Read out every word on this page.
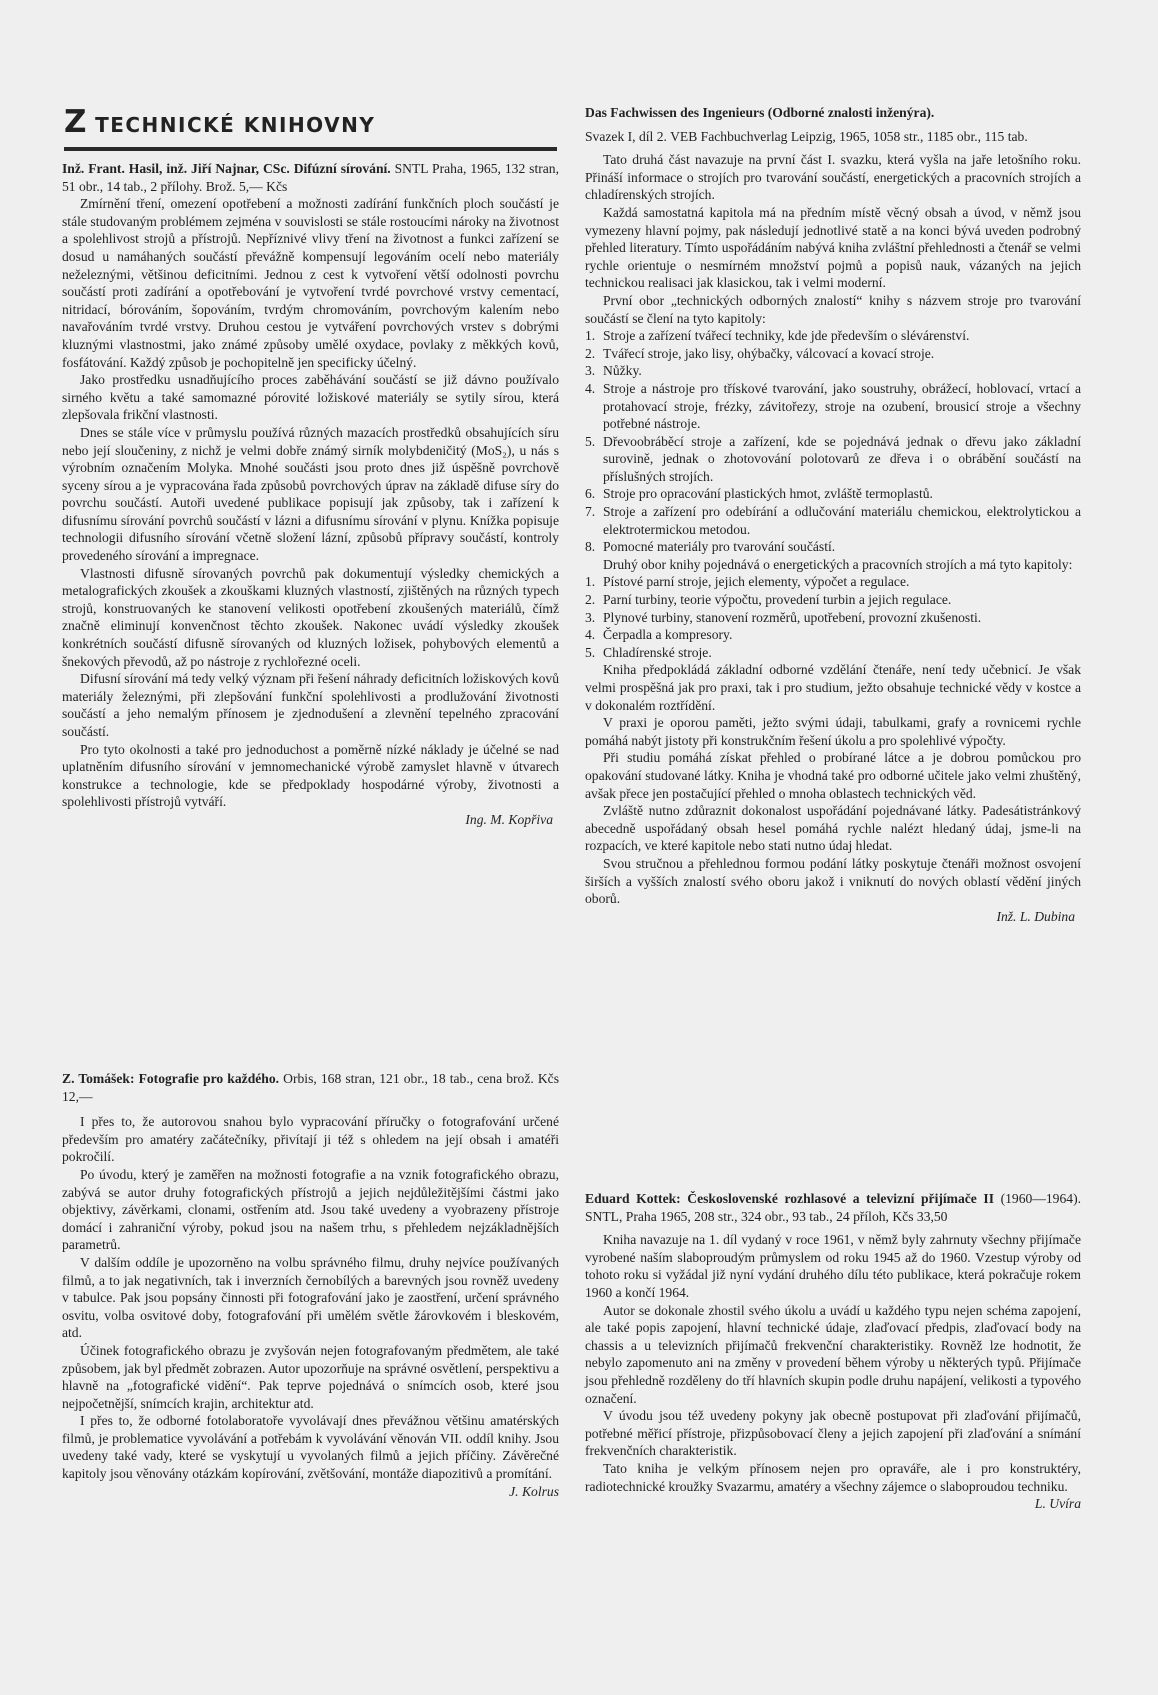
Z TECHNICKÉ KNIHOVNY

Inž. Frant. Hasil, inž. Jiří Najnar, CSc. Difúzní sírování. SNTL Praha, 1965, 132 stran, 51 obr., 14 tab., 2 přílohy. Brož. 5,— Kčs

Zmírnění tření, omezení opotřebení a možnosti zadírání funkčních ploch součástí je stále studovaným problémem zejména v souvislosti se stále rostoucími nároky na životnost a spolehlivost strojů a přístrojů. Nepříznivé vlivy tření na životnost a funkci zařízení se dosud u namáhaných součástí převážně kompensují legováním ocelí nebo materiály neželeznými, většinou deficitními. Jednou z cest k vytvoření větší odolnosti povrchu součástí proti zadírání a opotřebování je vytvoření tvrdé povrchové vrstvy cementací, nitridací, bórováním, šopováním, tvrdým chromováním, povrchovým kalením nebo navařováním tvrdé vrstvy. Druhou cestou je vytváření povrchových vrstev s dobrými kluznými vlastnostmi, jako známé způsoby umělé oxydace, povlaky z měkkých kovů, fosfátování. Každý způsob je pochopitelně jen specificky účelný.

Jako prostředku usnadňujícího proces zaběhávání součástí se již dávno používalo sirného květu a také samomazné pórovité ložiskové materiály se sytily sírou, která zlepšovala frikční vlastnosti.

Dnes se stále více v průmyslu používá různých mazacích prostředků obsahujících síru nebo její sloučeniny, z nichž je velmi dobře známý sirník molybdeničitý (MoS₂), u nás s výrobním označením Molyka. Mnohé součásti jsou proto dnes již úspěšně povrchově syceny sírou a je vypracována řada způsobů povrchových úprav na základě difuse síry do povrchu součástí. Autoři uvedené publikace popisují jak způsoby, tak i zařízení k difusnímu sírování povrchů součástí v lázni a difusnímu sírování v plynu. Knížka popisuje technologii difusního sírování včetně složení lázní, způsobů přípravy součástí, kontroly provedeného sírování a impregnace.

Vlastnosti difusně sírovaných povrchů pak dokumentují výsledky chemických a metalografických zkoušek a zkouškami kluzných vlastností, zjištěných na různých typech strojů, konstruovaných ke stanovení velikosti opotřebení zkoušených materiálů, čímž značně eliminují konvenčnost těchto zkoušek. Nakonec uvádí výsledky zkoušek konkrétních součástí difusně sírovaných od kluzných ložisek, pohybových elementů a šnekových převodů, až po nástroje z rychlořezné oceli.

Difusní sírování má tedy velký význam při řešení náhrady deficitních ložiskových kovů materiály železnými, při zlepšování funkční spolehlivosti a prodlužování životnosti součástí a jeho nemalým přínosem je zjednodušení a zlevnění tepelného zpracování součástí.

Pro tyto okolnosti a také pro jednoduchost a poměrně nízké náklady je účelné se nad uplatněním difusního sírování v jemnomechanické výrobě zamyslet hlavně v útvarech konstrukce a technologie, kde se předpoklady hospodárné výroby, životnosti a spolehlivosti přístrojů vytváří.

Ing. M. Kopřiva

Z. Tomášek: Fotografie pro každého. Orbis, 168 stran, 121 obr., 18 tab., cena brož. Kčs 12,—

I přes to, že autorovou snahou bylo vypracování příručky o fotografování určené především pro amatéry začátečníky, přivítají ji též s ohledem na její obsah i amatéři pokročilí.

Po úvodu, který je zaměřen na možnosti fotografie a na vznik fotografického obrazu, zabývá se autor druhy fotografických přístrojů a jejich nejdůležitějšími částmi jako objektivy, závěrkami, clonami, ostřením atd. Jsou také uvedeny a vyobrazeny přístroje domácí i zahraniční výroby, pokud jsou na našem trhu, s přehledem nejzákladnějších parametrů.

V dalším oddíle je upozorněno na volbu správného filmu, druhy nejvíce používaných filmů, a to jak negativních, tak i inverzních černobílých a barevných jsou rovněž uvedeny v tabulce. Pak jsou popsány činnosti při fotografování jako je zaostření, určení správného osvitu, volba osvitové doby, fotografování při umělém světle žárovkovém i bleskovém, atd.

Účinek fotografického obrazu je zvyšován nejen fotografovaným předmětem, ale také způsobem, jak byl předmět zobrazen. Autor upozorňuje na správné osvětlení, perspektivu a hlavně na „fotografické vidění“. Pak teprve pojednává o snímcích osob, které jsou nejpočetnější, snímcích krajin, architektur atd.

I přes to, že odborné fotolaboratoře vyvolávají dnes převážnou většinu amatérských filmů, je problematice vyvolávání a potřebám k vyvolávání věnován VII. oddíl knihy. Jsou uvedeny také vady, které se vyskytují u vyvolaných filmů a jejich příčiny. Závěrečné kapitoly jsou věnovány otázkám kopírování, zvětšování, montáže diapozitivů a promítání.
J. Kolrus

Das Fachwissen des Ingenieurs (Odborné znalosti inženýra).

Svazek I, díl 2. VEB Fachbuchverlag Leipzig, 1965, 1058 str., 1185 obr., 115 tab.

Tato druhá část navazuje na první část I. svazku, která vyšla na jaře letošního roku. Přináší informace o strojích pro tvarování součástí, energetických a pracovních strojích a chladírenských strojích.

Každá samostatná kapitola má na předním místě věcný obsah a úvod, v němž jsou vymezeny hlavní pojmy, pak následují jednotlivé statě a na konci bývá uveden podrobný přehled literatury. Tímto uspořádáním nabývá kniha zvláštní přehlednosti a čtenář se velmi rychle orientuje o nesmírném množství pojmů a popisů nauk, vázaných na jejich technickou realisaci jak klasickou, tak i velmi moderní.

První obor „technických odborných znalostí“ knihy s názvem stroje pro tvarování součástí se člení na tyto kapitoly:

1. Stroje a zařízení tvářecí techniky, kde jde především o slévárenství.
2. Tvářecí stroje, jako lisy, ohýbačky, válcovací a kovací stroje.
3. Nůžky.
4. Stroje a nástroje pro třískové tvarování, jako soustruhy, obrážecí, hoblovací, vrtací a protahovací stroje, frézky, závitořezy, stroje na ozubení, brousicí stroje a všechny potřebné nástroje.
5. Dřevoobráběcí stroje a zařízení, kde se pojednává jednak o dřevu jako základní surovině, jednak o zhotovování polotovarů ze dřeva i o obrábění součástí na příslušných strojích.
6. Stroje pro opracování plastických hmot, zvláště termoplastů.
7. Stroje a zařízení pro odebírání a odlučování materiálu chemickou, elektrolytickou a elektrotermickou metodou.
8. Pomocné materiály pro tvarování součástí.

Druhý obor knihy pojednává o energetických a pracovních strojích a má tyto kapitoly:

1. Pístové parní stroje, jejich elementy, výpočet a regulace.
2. Parní turbiny, teorie výpočtu, provedení turbin a jejich regulace.
3. Plynové turbiny, stanovení rozměrů, upotřebení, provozní zkušenosti.
4. Čerpadla a kompresory.
5. Chladírenské stroje.

Kniha předpokládá základní odborné vzdělání čtenáře, není tedy učebnicí. Je však velmi prospěšná jak pro praxi, tak i pro studium, ježto obsahuje technické vědy v kostce a v dokonalém roztřídění.

V praxi je oporou paměti, ježto svými údaji, tabulkami, grafy a rovnicemi rychle pomáhá nabýt jistoty při konstrukčním řešení úkolu a pro spolehlivé výpočty.

Při studiu pomáhá získat přehled o probírané látce a je dobrou pomůckou pro opakování studované látky. Kniha je vhodná také pro odborné učitele jako velmi zhuštěný, avšak přece jen postačující přehled o mnoha oblastech technických věd.

Zvláště nutno zdůraznit dokonalost uspořádání pojednávané látky. Padesátistránkový abecedně uspořádaný obsah hesel pomáhá rychle nalézt hledaný údaj, jsme-li na rozpacích, ve které kapitole nebo stati nutno údaj hledat.

Svou stručnou a přehlednou formou podání látky poskytuje čtenáři možnost osvojení širších a vyšších znalostí svého oboru jakož i vniknutí do nových oblastí vědění jiných oborů.

Inž. L. Dubina

Eduard Kottek: Československé rozhlasové a televizní přijímače II (1960—1964). SNTL, Praha 1965, 208 str., 324 obr., 93 tab., 24 příloh, Kčs 33,50

Kniha navazuje na 1. díl vydaný v roce 1961, v němž byly zahrnuty všechny přijímače vyrobené naším slaboproudým průmyslem od roku 1945 až do 1960. Vzestup výroby od tohoto roku si vyžádal již nyní vydání druhého dílu této publikace, která pokračuje rokem 1960 a končí 1964.

Autor se dokonale zhostil svého úkolu a uvádí u každého typu nejen schéma zapojení, ale také popis zapojení, hlavní technické údaje, zlaďovací předpis, zlaďovací body na chassis a u televizních přijímačů frekvenční charakteristiky. Rovněž lze hodnotit, že nebylo zapomenuto ani na změny v provedení během výroby u některých typů. Přijímače jsou přehledně rozděleny do tří hlavních skupin podle druhu napájení, velikosti a typového označení.

V úvodu jsou též uvedeny pokyny jak obecně postupovat při zlaďování přijímačů, potřebné měřicí přístroje, přizpůsobovací členy a jejich zapojení při zlaďování a snímání frekvenčních charakteristik.

Tato kniha je velkým přínosem nejen pro opraváře, ale i pro konstruktéry, radiotechnické kroužky Svazarmu, amatéry a všechny zájemce o slaboproudou techniku.
L. Uvíra
